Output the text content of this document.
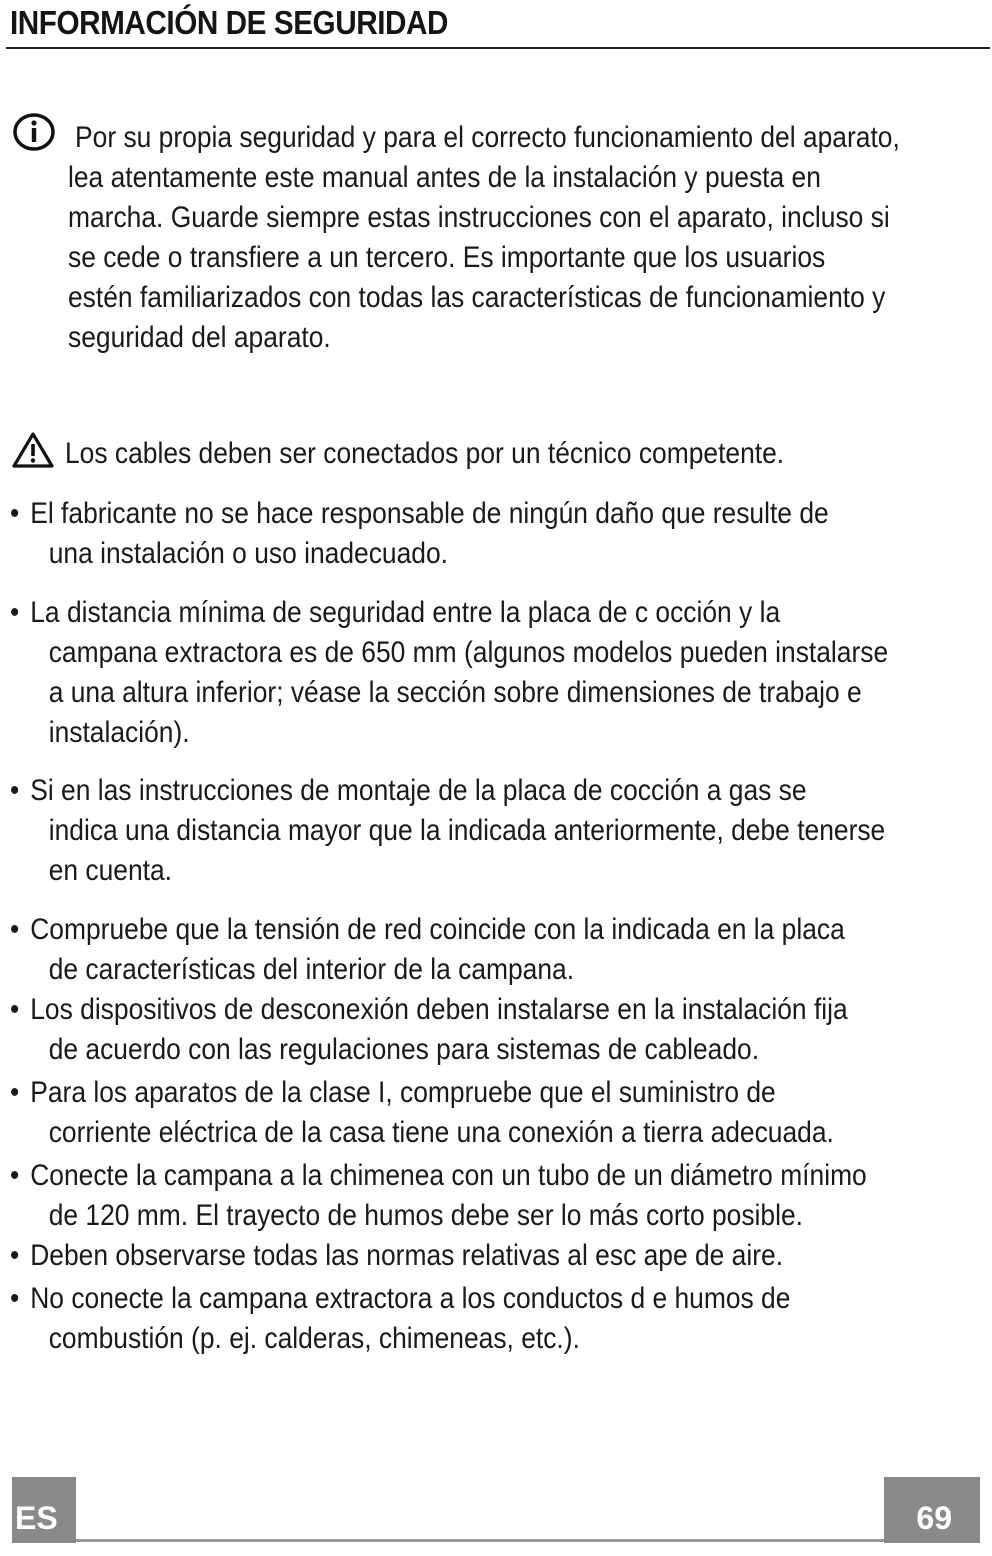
INFORMACIÓN DE SEGURIDAD
Por su propia seguridad y para el correcto funcionamiento del aparato,
lea atentamente este manual antes de la instalación y puesta en
marcha. Guarde siempre estas instrucciones con el aparato, incluso si
se cede o transfiere a un tercero. Es importante que los usuarios
estén familiarizados con todas las características de funcionamiento y
seguridad del aparato.
Los cables deben ser conectados por un técnico competente.
• El fabricante no se hace responsable de ningún daño que resulte de
una instalación o uso inadecuado.
• La distancia mínima de seguridad entre la placa de c occión y la
campana extractora es de 650 mm (algunos modelos pueden instalarse
a una altura inferior; véase la sección sobre dimensiones de trabajo e
instalación).
• Si en las instrucciones de montaje de la placa de cocción a gas se
indica una distancia mayor que la indicada anteriormente, debe tenerse
en cuenta.
• Compruebe que la tensión de red coincide con la indicada en la placa
de características del interior de la campana.
• Los dispositivos de desconexión deben instalarse en la instalación fija
de acuerdo con las regulaciones para sistemas de cableado.
• Para los aparatos de la clase I, compruebe que el suministro de
corriente eléctrica de la casa tiene una conexión a tierra adecuada.
• Conecte la campana a la chimenea con un tubo de un diámetro mínimo
de 120 mm. El trayecto de humos debe ser lo más corto posible.
• Deben observarse todas las normas relativas al esc ape de aire.
• No conecte la campana extractora a los conductos d e humos de
combustión (p. ej. calderas, chimeneas, etc.).
ES	69
